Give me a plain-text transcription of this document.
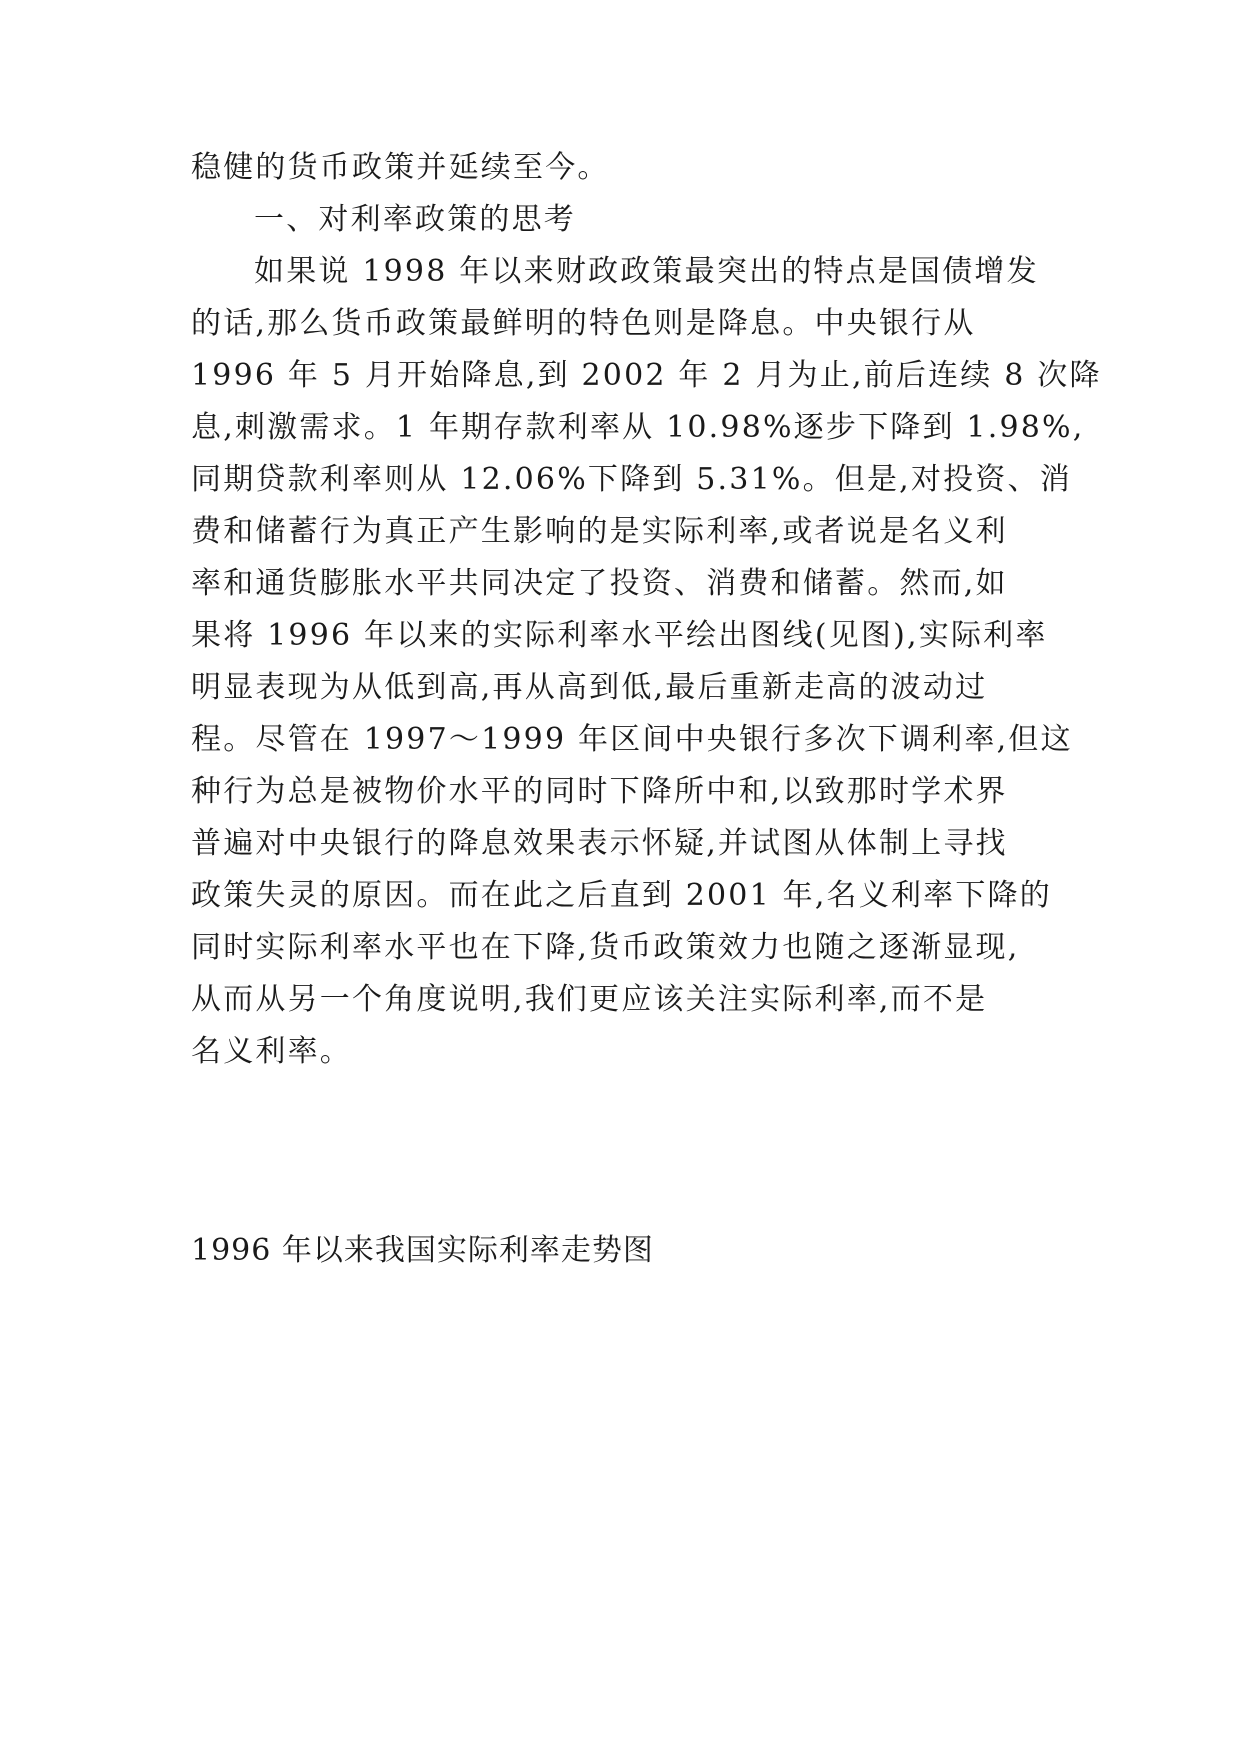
稳健的货币政策并延续至今。
一、对利率政策的思考
如果说 1998 年以来财政政策最突出的特点是国债增发
的话,那么货币政策最鲜明的特色则是降息。中央银行从
1996 年 5 月开始降息,到 2002 年 2 月为止,前后连续 8 次降
息,刺激需求。1 年期存款利率从 10.98%逐步下降到 1.98%,
同期贷款利率则从 12.06%下降到 5.31%。但是,对投资、消
费和储蓄行为真正产生影响的是实际利率,或者说是名义利
率和通货膨胀水平共同决定了投资、消费和储蓄。然而,如
果将 1996 年以来的实际利率水平绘出图线(见图),实际利率
明显表现为从低到高,再从高到低,最后重新走高的波动过
程。尽管在 1997～1999 年区间中央银行多次下调利率,但这
种行为总是被物价水平的同时下降所中和,以致那时学术界
普遍对中央银行的降息效果表示怀疑,并试图从体制上寻找
政策失灵的原因。而在此之后直到 2001 年,名义利率下降的
同时实际利率水平也在下降,货币政策效力也随之逐渐显现,
从而从另一个角度说明,我们更应该关注实际利率,而不是
名义利率。
1996 年以来我国实际利率走势图
